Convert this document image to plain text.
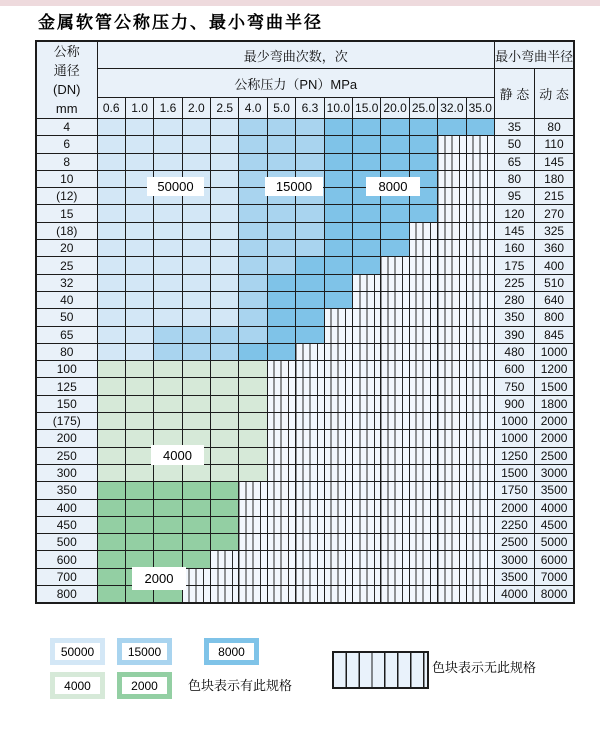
金属软管公称压力、最小弯曲半径
公称
通径
(DN)
mm	最少弯曲次数，次														最小弯曲半径	
	公称压力（PN）MPa														静 态	动 态
	0.6	1.0	1.6	2.0	2.5	4.0	5.0	6.3	10.0	15.0	20.0	25.0	32.0	35.0		
4															35	80
6															50	110
8															65	145
10															80	180
(12)															95	215
15															120	270
(18)															145	325
20															160	360
25															175	400
32															225	510
40															280	640
50															350	800
65															390	845
80															480	1000
100															600	1200
125															750	1500
150															900	1800
(175)															1000	2000
200															1000	2000
250															1250	2500
300															1500	3000
350															1750	3500
400															2000	4000
450															2250	4500
500															2500	5000
600															3000	6000
700															3500	7000
800															4000	8000
50000	15000	8000
4000
2000
色块表示有此规格
色块表示无此规格
50000	15000	8000
4000	2000
